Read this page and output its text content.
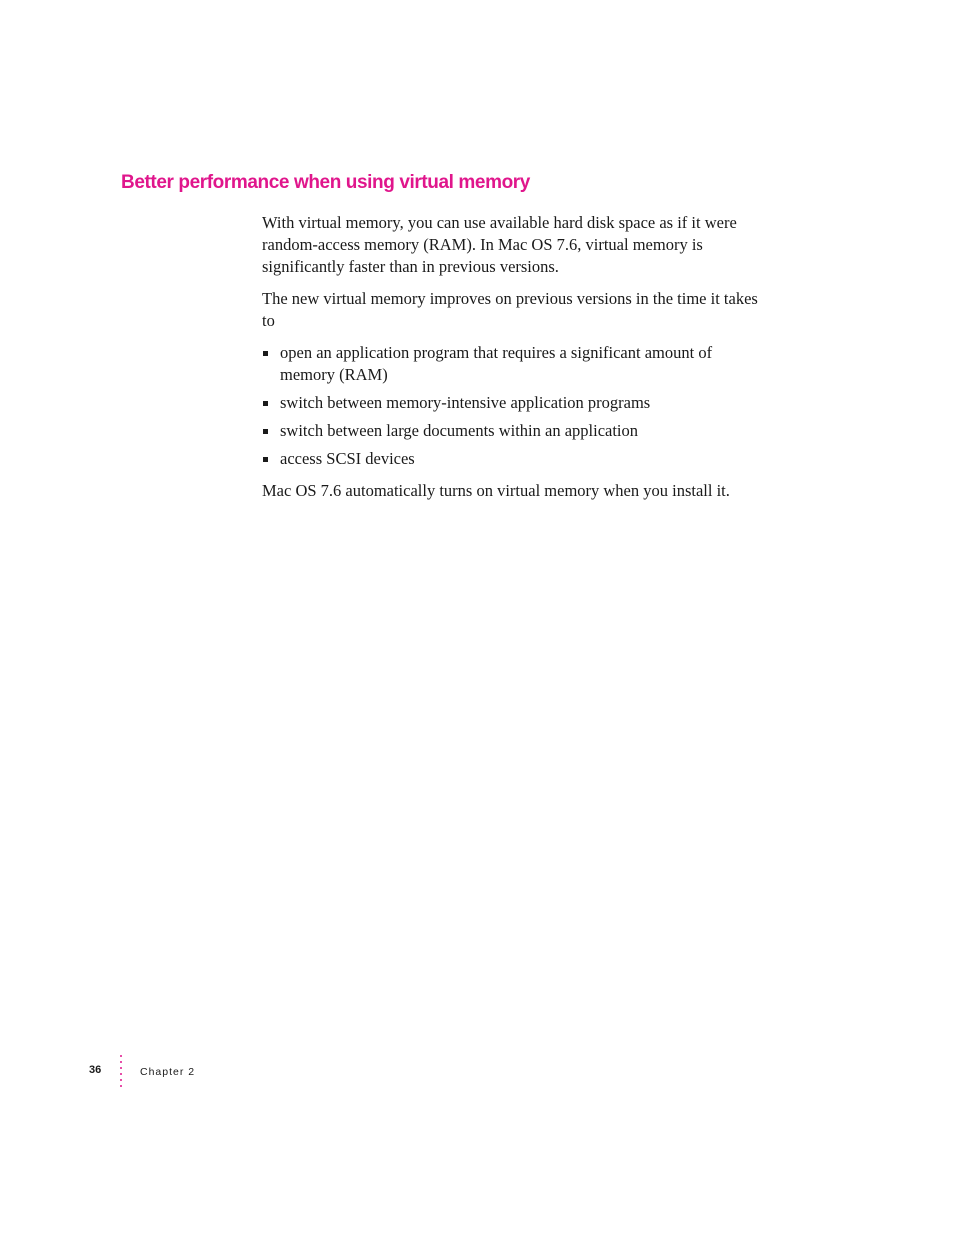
Better performance when using virtual memory

With virtual memory, you can use available hard disk space as if it were random-access memory (RAM). In Mac OS 7.6, virtual memory is significantly faster than in previous versions.

The new virtual memory improves on previous versions in the time it takes to

open an application program that requires a significant amount of memory (RAM)
switch between memory-intensive application programs
switch between large documents within an application
access SCSI devices

Mac OS 7.6 automatically turns on virtual memory when you install it.

36	Chapter 2
